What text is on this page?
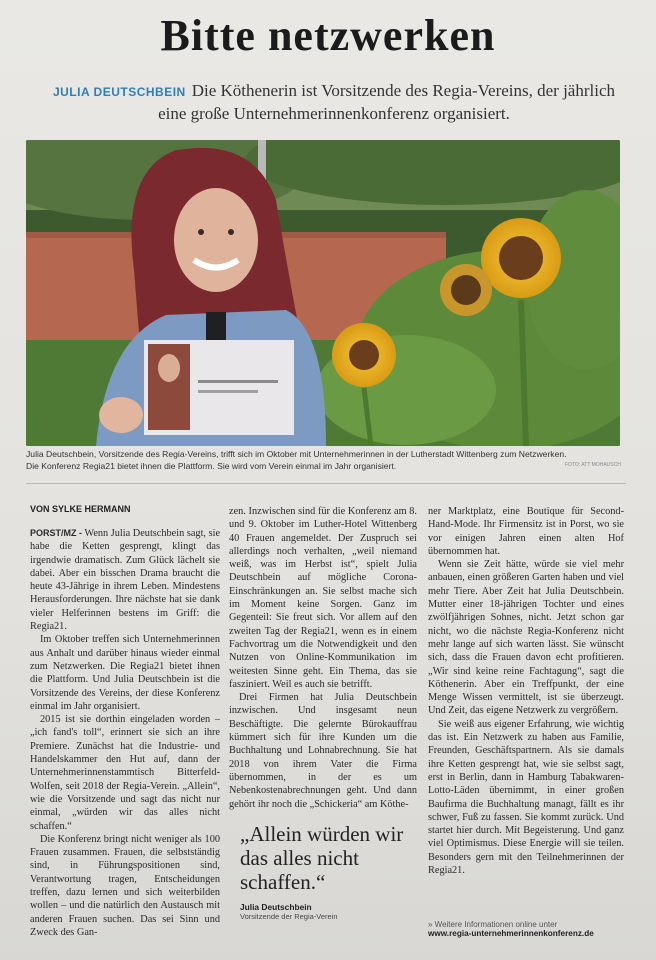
Bitte netzwerken
JULIA DEUTSCHBEIN Die Köthenerin ist Vorsitzende des Regia-Vereins, der jährlich eine große Unternehmerinnenkonferenz organisiert.
Julia Deutschbein, Vorsitzende des Regia-Vereins, trifft sich im Oktober mit Unternehmerinnen in der Lutherstadt Wittenberg zum Netzwerken.
Die Konferenz Regia21 bietet ihnen die Plattform. Sie wird vom Verein einmal im Jahr organisiert.	FOTO: ATT MOHAUSCH
VON SYLKE HERMANN

PORST/MZ - Wenn Julia Deutschbein sagt, sie habe die Ketten gesprengt, klingt das irgendwie dramatisch. Zum Glück lächelt sie dabei. Aber ein bisschen Drama braucht die heute 43-Jährige in ihrem Leben. Mindestens Herausforderungen. Ihre nächste hat sie dank vieler Helferinnen bestens im Griff: die Regia21.

Im Oktober treffen sich Unternehmerinnen aus Anhalt und darüber hinaus wieder einmal zum Netzwerken. Die Regia21 bietet ihnen die Plattform. Und Julia Deutschbein ist die Vorsitzende des Vereins, der diese Konferenz einmal im Jahr organisiert.

2015 ist sie dorthin eingeladen worden – „ich fand's toll“, erinnert sie sich an ihre Premiere. Zunächst hat die Industrie- und Handelskammer den Hut auf, dann der Unternehmerinnenstammtisch Bitterfeld-Wolfen, seit 2018 der Regia-Verein. „Allein“, wie die Vorsitzende und sagt das nicht nur einmal, „würden wir das alles nicht schaffen.“

Die Konferenz bringt nicht weniger als 100 Frauen zusammen. Frauen, die selbstständig sind, in Führungspositionen sind, Verantwortung tragen, Entscheidungen treffen, dazu lernen und sich weiterbilden wollen – und die natürlich den Austausch mit anderen Frauen suchen. Das sei Sinn und Zweck des Gan-

zen. Inzwischen sind für die Konferenz am 8. und 9. Oktober im Luther-Hotel Wittenberg 40 Frauen angemeldet. Der Zuspruch sei allerdings noch verhalten, „weil niemand weiß, was im Herbst ist“, spielt Julia Deutschbein auf mögliche Corona-Einschränkungen an. Sie selbst mache sich im Moment keine Sorgen. Ganz im Gegenteil: Sie freut sich. Vor allem auf den zweiten Tag der Regia21, wenn es in einem Fachvortrag um die Notwendigkeit und den Nutzen von Online-Kommunikation im weitesten Sinne geht. Ein Thema, das sie fasziniert. Weil es auch sie betrifft.

Drei Firmen hat Julia Deutschbein inzwischen. Und insgesamt neun Beschäftigte. Die gelernte Bürokauffrau kümmert sich für ihre Kunden um die Buchhaltung und Lohnabrechnung. Sie hat 2018 von ihrem Vater die Firma übernommen, in der es um Nebenkostenabrechnungen geht. Und dann gehört ihr noch die „Schickeria“ am Köthe-

ner Marktplatz, eine Boutique für Second-Hand-Mode. Ihr Firmensitz ist in Porst, wo sie vor einigen Jahren einen alten Hof übernommen hat.

Wenn sie Zeit hätte, würde sie viel mehr anbauen, einen größeren Garten haben und viel mehr Tiere. Aber Zeit hat Julia Deutschbein. Mutter einer 18-jährigen Tochter und eines zwölfjährigen Sohnes, nicht. Jetzt schon gar nicht, wo die nächste Regia-Konferenz nicht mehr lange auf sich warten lässt. Sie wünscht sich, dass die Frauen davon echt profitieren. „Wir sind keine reine Fachtagung“, sagt die Köthenerin. Aber ein Treffpunkt, der eine Menge Wissen vermittelt, ist sie überzeugt. Und Zeit, das eigene Netzwerk zu vergrößern.

Sie weiß aus eigener Erfahrung, wie wichtig das ist. Ein Netzwerk zu haben aus Familie, Freunden, Geschäftspartnern. Als sie damals ihre Ketten gesprengt hat, wie sie selbst sagt, erst in Berlin, dann in Hamburg Tabakwaren-Lotto-Läden übernimmt, in einer großen Baufirma die Buchhaltung managt, fällt es ihr schwer, Fuß zu fassen. Sie kommt zurück. Und startet hier durch. Mit Begeisterung. Und ganz viel Optimismus. Diese Energie will sie teilen. Besonders gern mit den Teilnehmerinnen der Regia21.

„Allein würden wir das alles nicht schaffen.“
Julia Deutschbein
Vorsitzende der Regia-Verein
» Weitere Informationen online unter
www.regia-unternehmerinnenkonferenz.de
